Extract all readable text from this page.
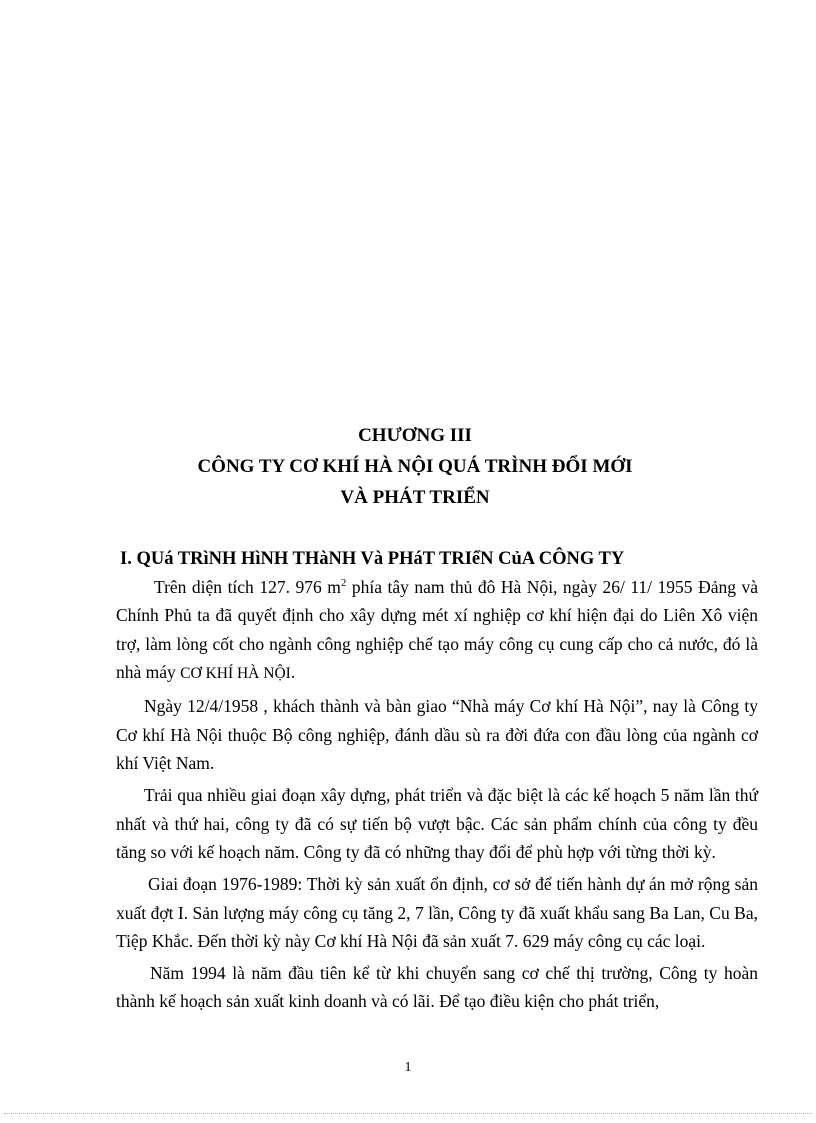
CHƯƠNG III
CÔNG TY CƠ KHÍ HÀ NỘI QUÁ TRÌNH ĐỔI MỚI
VÀ PHÁT TRIỂN
I. QUá TRìNH HìNH THàNH Và PHáT TRIểN CủA CÔNG TY

Trên diện tích 127. 976 $m^2$ phía tây nam thủ đô Hà Nội, ngày 26/ 11/ 1955 Đảng và Chính Phủ ta đã quyết định cho xây dựng mét xí nghiệp cơ khí hiện đại do Liên Xô viện trợ, làm lòng cốt cho ngành công nghiệp chế tạo máy công cụ cung cấp cho cả nước, đó là nhà máy CƠ KHÍ HÀ NỘI.

Ngày 12/4/1958 , khách thành và bàn giao “Nhà máy Cơ khí Hà Nội”, nay là Công ty Cơ khí Hà Nội thuộc Bộ công nghiệp, đánh dầu sù ra đời đứa con đầu lòng của ngành cơ khí Việt Nam.

Trải qua nhiều giai đoạn xây dựng, phát triển và đặc biệt là các kế hoạch 5 năm lần thứ nhất và thứ hai, công ty đã có sự tiến bộ vượt bậc. Các sản phẩm chính của công ty đều tăng so với kế hoạch năm. Công ty đã có những thay đổi để phù hợp với từng thời kỳ.

Giai đoạn 1976-1989: Thời kỳ sản xuất ổn định, cơ sở để tiến hành dự án mở rộng sản xuất đợt I. Sản lượng máy công cụ tăng 2, 7 lần, Công ty đã xuất khẩu sang Ba Lan, Cu Ba, Tiệp Khắc. Đến thời kỳ này Cơ khí Hà Nội đã sản xuất 7. 629 máy công cụ các loại.

Năm 1994 là năm đầu tiên kể từ khi chuyển sang cơ chế thị trường, Công ty hoàn thành kế hoạch sản xuất kinh doanh và có lãi. Để tạo điều kiện cho phát triển,

1
